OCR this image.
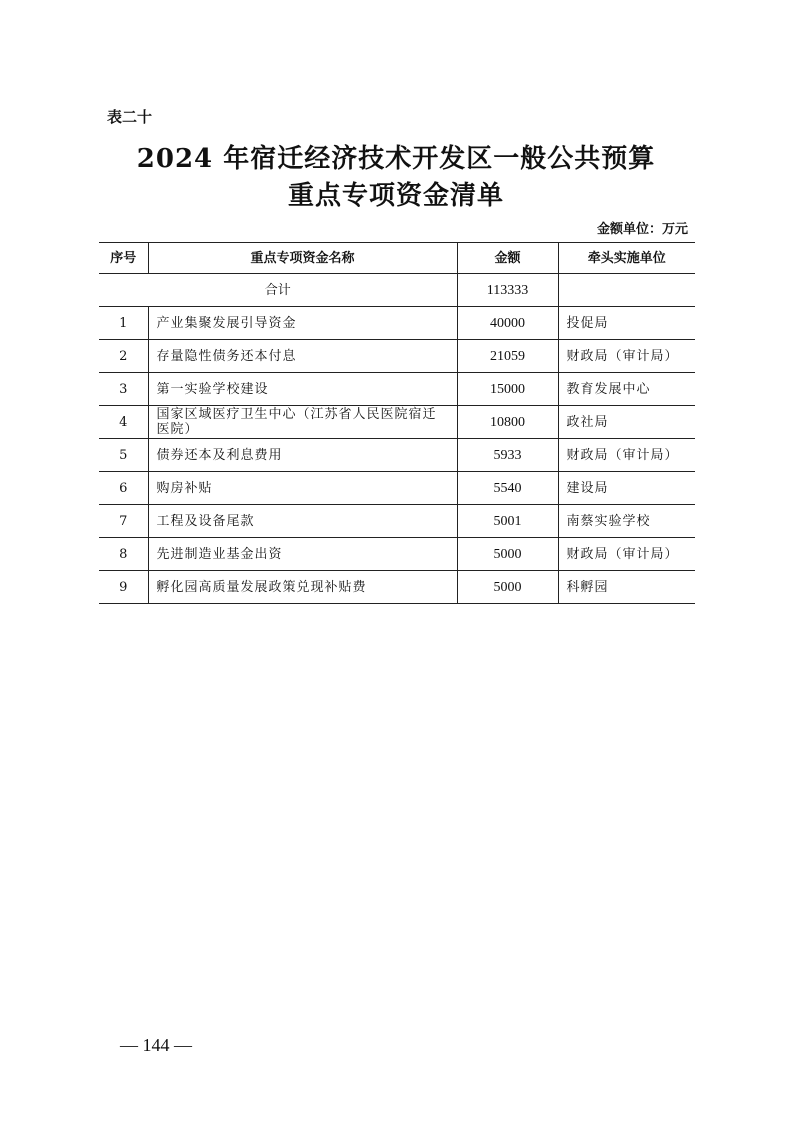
表二十
2024 年宿迁经济技术开发区一般公共预算
重点专项资金清单
金额单位：万元
序号	重点专项资金名称	金额	牵头实施单位
合计		113333	
1	产业集聚发展引导资金	40000	投促局
2	存量隐性债务还本付息	21059	财政局（审计局）
3	第一实验学校建设	15000	教育发展中心
4	国家区域医疗卫生中心（江苏省人民医院宿迁医院）	10800	政社局
5	债券还本及利息费用	5933	财政局（审计局）
6	购房补贴	5540	建设局
7	工程及设备尾款	5001	南蔡实验学校
8	先进制造业基金出资	5000	财政局（审计局）
9	孵化园高质量发展政策兑现补贴费	5000	科孵园
— 144 —
